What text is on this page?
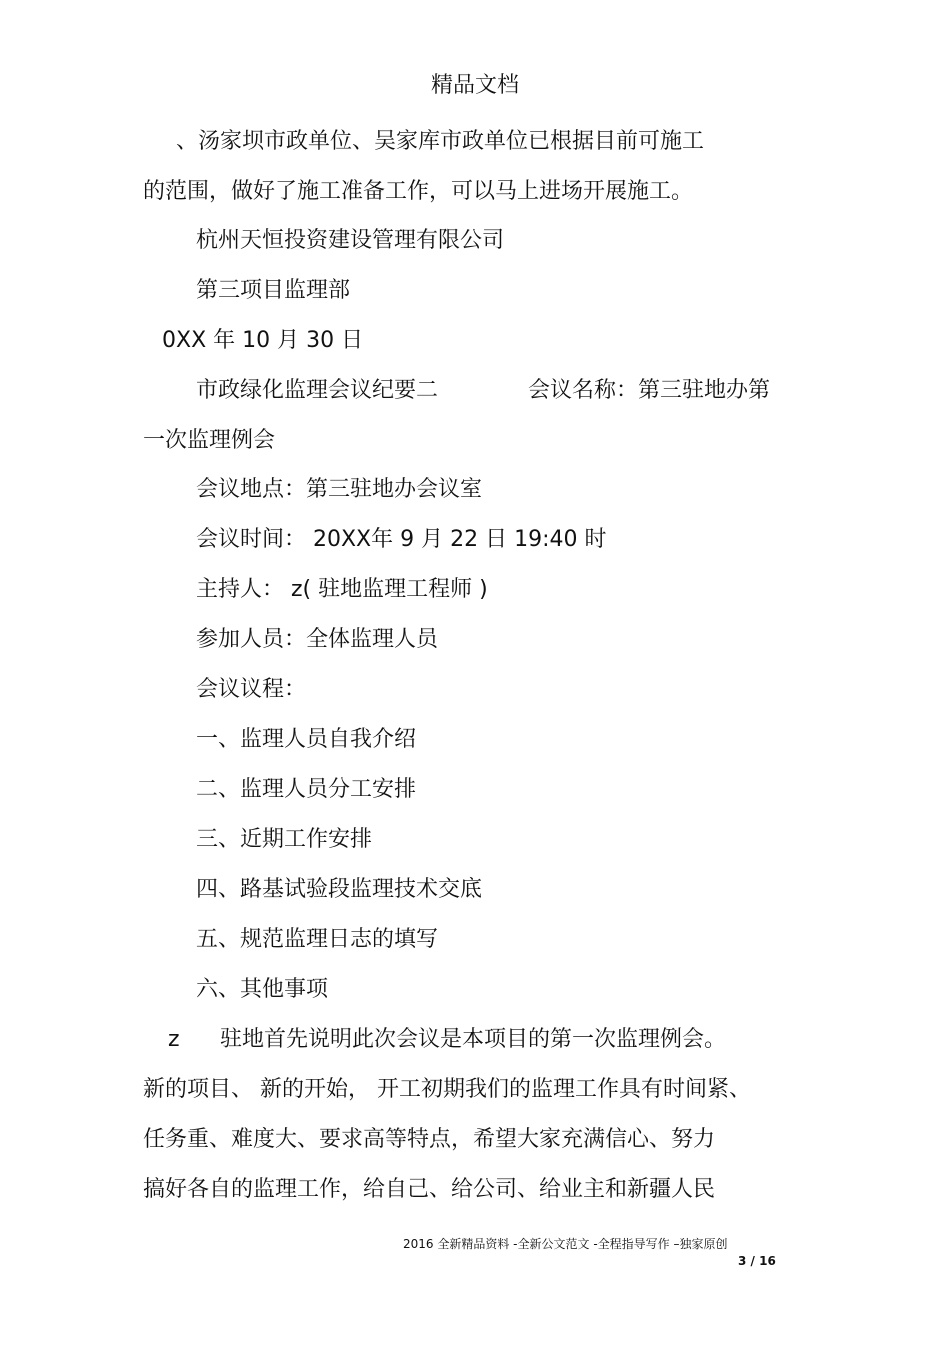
精品文档
、汤家坝市政单位、吴家库市政单位已根据目前可施工
的范围，做好了施工准备工作，可以马上进场开展施工。
杭州天恒投资建设管理有限公司
第三项目监理部
0XX 年 10 月 30 日
市政绿化监理会议纪要二	会议名称：第三驻地办第
一次监理例会
会议地点：第三驻地办会议室
会议时间： 20XX年 9 月 22 日 19:40 时
主持人： z( 驻地监理工程师 )
参加人员：全体监理人员
会议议程：
一、监理人员自我介绍
二、监理人员分工安排
三、近期工作安排
四、路基试验段监理技术交底
五、规范监理日志的填写
六、其他事项
z 驻地首先说明此次会议是本项目的第一次监理例会。
新的项目、 新的开始， 开工初期我们的监理工作具有时间紧、
任务重、难度大、要求高等特点，希望大家充满信心、努力
搞好各自的监理工作，给自己、给公司、给业主和新疆人民
2016 全新精品资料 -全新公文范文 -全程指导写作 –独家原创
3 / 16
